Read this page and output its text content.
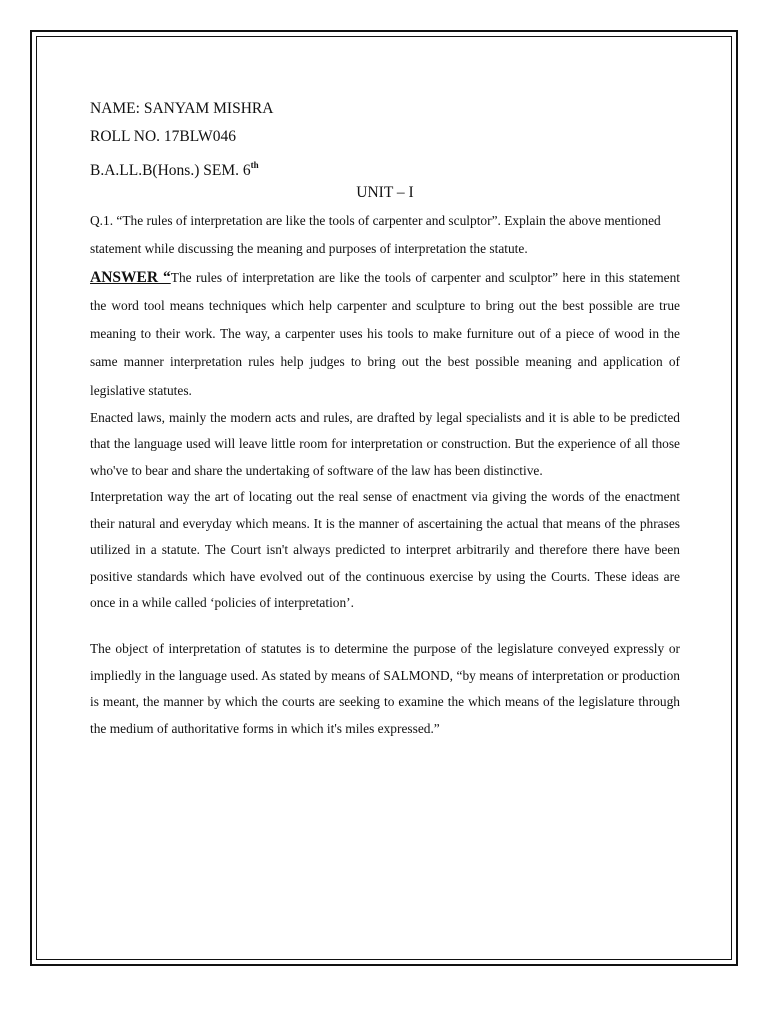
NAME: SANYAM MISHRA
ROLL NO. 17BLW046
B.A.LL.B(Hons.) SEM. 6th
UNIT – I

Q.1. “The rules of interpretation are like the tools of carpenter and sculptor”. Explain the above mentioned statement while discussing the meaning and purposes of interpretation the statute.

ANSWER “The rules of interpretation are like the tools of carpenter and sculptor” here in this statement the word tool means techniques which help carpenter and sculpture to bring out the best possible are true meaning to their work. The way, a carpenter uses his tools to make furniture out of a piece of wood in the same manner interpretation rules help judges to bring out the best possible meaning and application of legislative statutes.

Enacted laws, mainly the modern acts and rules, are drafted by legal specialists and it is able to be predicted that the language used will leave little room for interpretation or construction. But the experience of all those who've to bear and share the undertaking of software of the law has been distinctive.

Interpretation way the art of locating out the real sense of enactment via giving the words of the enactment their natural and everyday which means. It is the manner of ascertaining the actual that means of the phrases utilized in a statute. The Court isn't always predicted to interpret arbitrarily and therefore there have been positive standards which have evolved out of the continuous exercise by using the Courts. These ideas are once in a while called ‘policies of interpretation’.

The object of interpretation of statutes is to determine the purpose of the legislature conveyed expressly or impliedly in the language used. As stated by means of SALMOND, “by means of interpretation or production is meant, the manner by which the courts are seeking to examine the which means of the legislature through the medium of authoritative forms in which it's miles expressed.”
